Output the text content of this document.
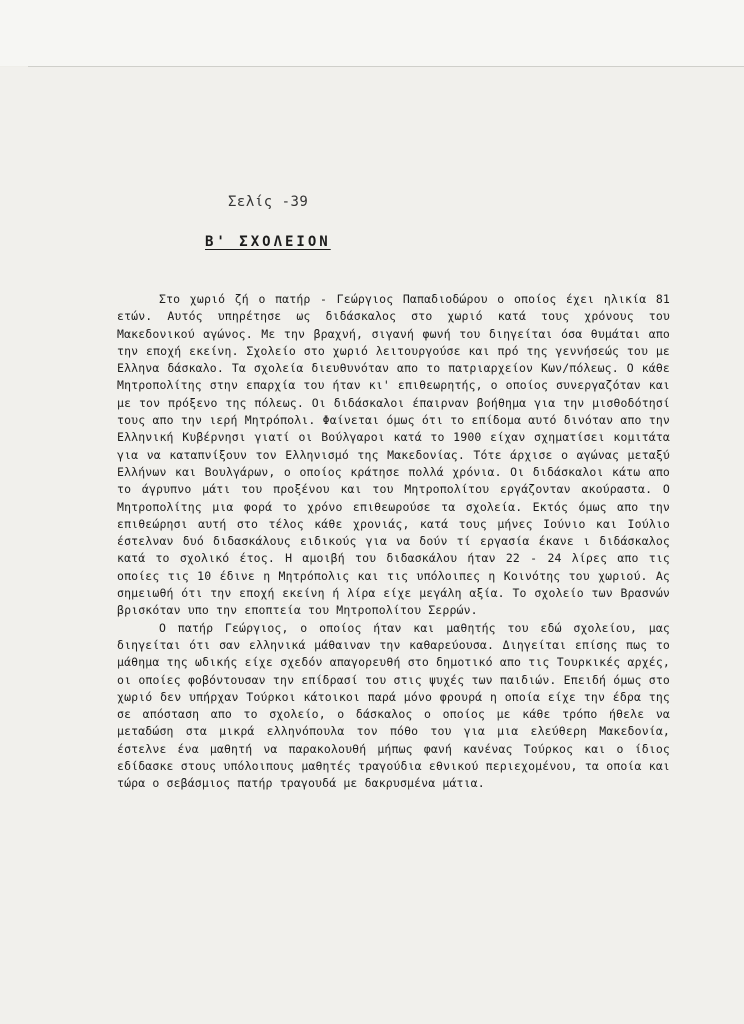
Σελίς -39
Β' ΣΧΟΛΕΙΟΝ

Στο χωριό ζή ο πατήρ - Γεώργιος Παπαδιοδώρου ο οποίος έχει ηλικία 81 ετών. Αυτός υπηρέτησε ως διδάσκαλος στο χωριό κατά τους χρόνους του Μακεδονικού αγώνος. Με την βραχνή, σιγανή φωνή του διηγείται όσα θυμάται απο την εποχή εκείνη. Σχολείο στο χωριό λειτουργούσε και πρό της γεννήσεώς του με Ελληνα δάσκαλο. Τα σχολεία διευθυνόταν απο το πατριαρχείον Κων/πόλεως. Ο κάθε Μητροπολίτης στην επαρχία του ήταν κι' επιθεωρητής, ο οποίος συνεργαζόταν και με τον πρόξενο της πόλεως. Οι διδάσκαλοι έπαιρναν βοήθημα για την μισθοδότησί τους απο την ιερή Μητρόπολι. Φαίνεται όμως ότι το επίδομα αυτό δινόταν απο την Ελληνική Κυβέρνησι γιατί οι Βούλγαροι κατά το 1900 είχαν σχηματίσει κομιτάτα για να καταπνίξουν τον Ελληνισμό της Μακεδονίας. Τότε άρχισε ο αγώνας μεταξύ Ελλήνων και Βουλγάρων, ο οποίος κράτησε πολλά χρόνια. Οι διδάσκαλοι κάτω απο το άγρυπνο μάτι του προξένου και του Μητροπολίτου εργάζονταν ακούραστα. Ο Μητροπολίτης μια φορά το χρόνο επιθεωρούσε τα σχολεία. Εκτός όμως απο την επιθεώρησι αυτή στο τέλος κάθε χρονιάς, κατά τους μήνες Ιούνιο και Ιούλιο έστελναν δυό διδασκάλους ειδικούς για να δούν τί εργασία έκανε ι διδάσκαλος κατά το σχολικό έτος. Η αμοιβή του διδασκάλου ήταν 22 - 24 λίρες απο τις οποίες τις 10 έδινε η Μητρόπολις και τις υπόλοιπες η Κοινότης του χωριού. Ας σημειωθή ότι την εποχή εκείνη ή λίρα είχε μεγάλη αξία. Το σχολείο των Βρασνών βρισκόταν υπο την εποπτεία του Μητροπολίτου Σερρών.

Ο πατήρ Γεώργιος, ο οποίος ήταν και μαθητής του εδώ σχολείου, μας διηγείται ότι σαν ελληνικά μάθαιναν την καθαρεύουσα. Διηγείται επίσης πως το μάθημα της ωδικής είχε σχεδόν απαγορευθή στο δημοτικό απο τις Τουρκικές αρχές, οι οποίες φοβόντουσαν την επίδρασί του στις ψυχές των παιδιών. Επειδή όμως στο χωριό δεν υπήρχαν Τούρκοι κάτοικοι παρά μόνο φρουρά η οποία είχε την έδρα της σε απόσταση απο το σχολείο, ο δάσκαλος ο οποίος με κάθε τρόπο ήθελε να μεταδώση στα μικρά ελληνόπουλα τον πόθο του για μια ελεύθερη Μακεδονία, έστελνε ένα μαθητή να παρακολουθή μήπως φανή κανένας Τούρκος και ο ίδιος εδίδασκε στους υπόλοιπους μαθητές τραγούδια εθνικού περιεχομένου, τα οποία και τώρα ο σεβάσμιος πατήρ τραγουδά με δακρυσμένα μάτια.
